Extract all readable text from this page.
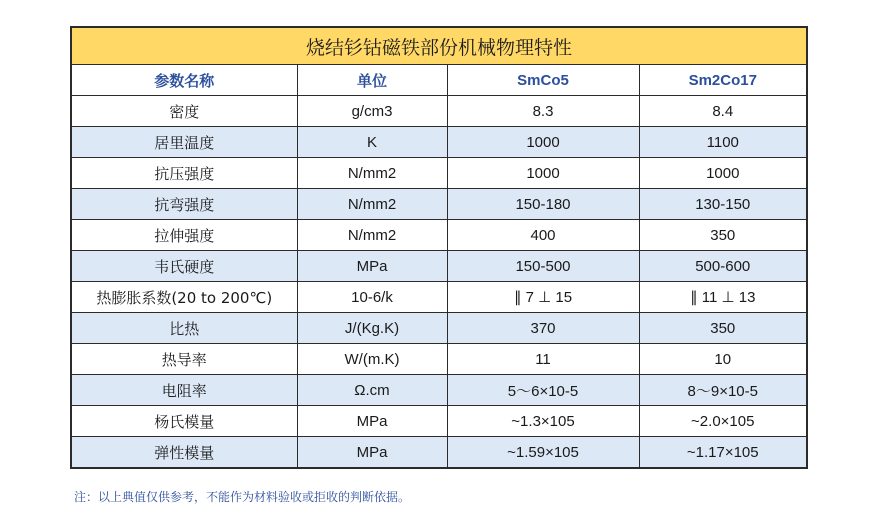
烧结钐钴磁铁部份机械物理特性			
参数名称	单位	SmCo5	Sm2Co17
密度	g/cm3	8.3	8.4
居里温度	K	1000	1100
抗压强度	N/mm2	1000	1000
抗弯强度	N/mm2	150-180	130-150
拉伸强度	N/mm2	400	350
韦氏硬度	MPa	150-500	500-600
热膨胀系数(20 to 200℃)	10-6/k	∥ 7 ⊥ 15	∥ 11 ⊥ 13
比热	J/(Kg.K)	370	350
热导率	W/(m.K)	11	10
电阻率	Ω.cm	5～6×10-5	8～9×10-5
杨氏模量	MPa	~1.3×105	~2.0×105
弹性模量	MPa	~1.59×105	~1.17×105
注：以上典值仅供参考，不能作为材料验收或拒收的判断依据。
